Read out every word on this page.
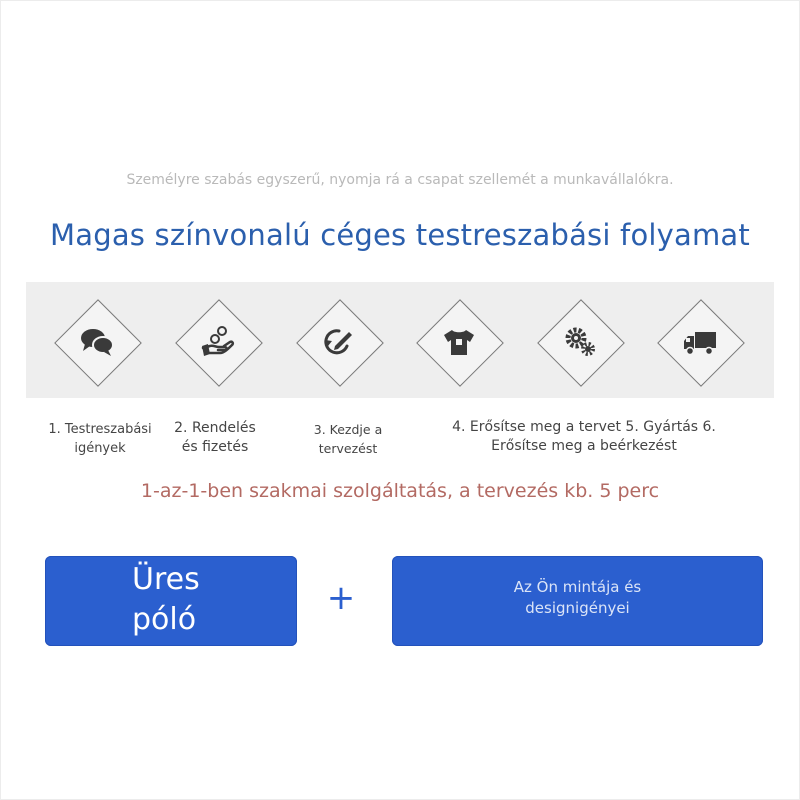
Személyre szabás egyszerű, nyomja rá a csapat szellemét a munkavállalókra.
Magas színvonalú céges testreszabási folyamat
1. Testreszabási
igények
2. Rendelés
és fizetés
3. Kezdje a
tervezést
4. Erősítse meg a tervet 5. Gyártás 6.
Erősítse meg a beérkezést
1-az-1-ben szakmai szolgáltatás, a tervezés kb. 5 perc
Üres
póló
+	Az Ön mintája és
designigényei
